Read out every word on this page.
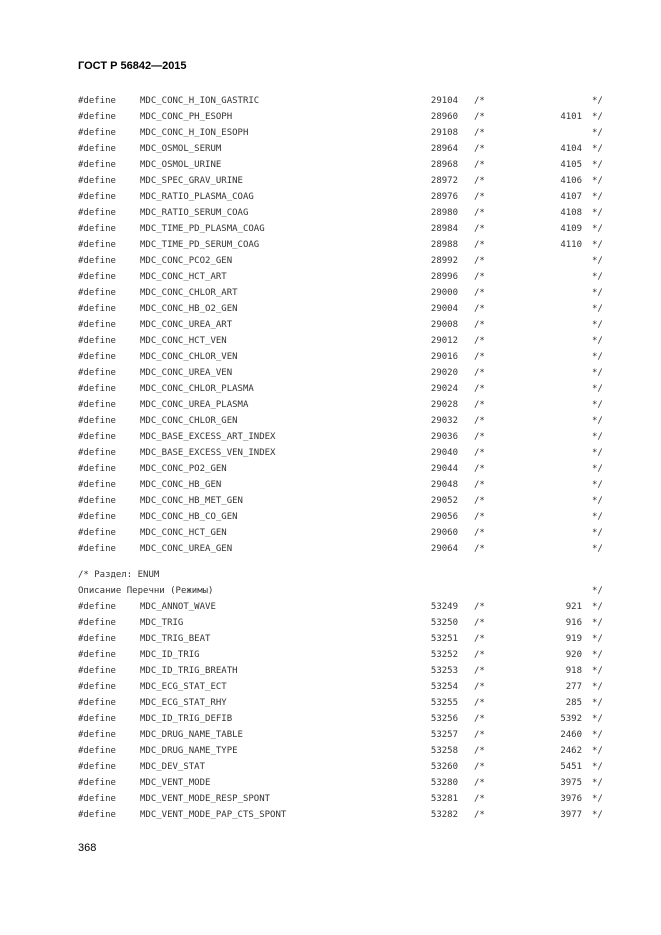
ГОСТ Р 56842—2015
#define	MDC_CONC_H_ION_GASTRIC	29104 /*	*/
#define	MDC_CONC_PH_ESOPH	28960 /*	4101 */
#define	MDC_CONC_H_ION_ESOPH	29108 /*	*/
#define	MDC_OSMOL_SERUM	28964 /*	4104 */
#define	MDC_OSMOL_URINE	28968 /*	4105 */
#define	MDC_SPEC_GRAV_URINE	28972 /*	4106 */
#define	MDC_RATIO_PLASMA_COAG	28976 /*	4107 */
#define	MDC_RATIO_SERUM_COAG	28980 /*	4108 */
#define	MDC_TIME_PD_PLASMA_COAG	28984 /*	4109 */
#define	MDC_TIME_PD_SERUM_COAG	28988 /*	4110 */
#define	MDC_CONC_PCO2_GEN	28992 /*	*/
#define	MDC_CONC_HCT_ART	28996 /*	*/
#define	MDC_CONC_CHLOR_ART	29000 /*	*/
#define	MDC_CONC_HB_O2_GEN	29004 /*	*/
#define	MDC_CONC_UREA_ART	29008 /*	*/
#define	MDC_CONC_HCT_VEN	29012 /*	*/
#define	MDC_CONC_CHLOR_VEN	29016 /*	*/
#define	MDC_CONC_UREA_VEN	29020 /*	*/
#define	MDC_CONC_CHLOR_PLASMA	29024 /*	*/
#define	MDC_CONC_UREA_PLASMA	29028 /*	*/
#define	MDC_CONC_CHLOR_GEN	29032 /*	*/
#define	MDC_BASE_EXCESS_ART_INDEX	29036 /*	*/
#define	MDC_BASE_EXCESS_VEN_INDEX	29040 /*	*/
#define	MDC_CONC_PO2_GEN	29044 /*	*/
#define	MDC_CONC_HB_GEN	29048 /*	*/
#define	MDC_CONC_HB_MET_GEN	29052 /*	*/
#define	MDC_CONC_HB_CO_GEN	29056 /*	*/
#define	MDC_CONC_HCT_GEN	29060 /*	*/
#define	MDC_CONC_UREA_GEN	29064 /*	*/

/* Раздел: ENUM

Описание Перечни (Режимы)

	*/

#define	MDC_ANNOT_WAVE	53249 /*	921 */
#define	MDC_TRIG	53250 /*	916 */
#define	MDC_TRIG_BEAT	53251 /*	919 */
#define	MDC_ID_TRIG	53252 /*	920 */
#define	MDC_ID_TRIG_BREATH	53253 /*	918 */
#define	MDC_ECG_STAT_ECT	53254 /*	277 */
#define	MDC_ECG_STAT_RHY	53255 /*	285 */
#define	MDC_ID_TRIG_DEFIB	53256 /*	5392 */
#define	MDC_DRUG_NAME_TABLE	53257 /*	2460 */
#define	MDC_DRUG_NAME_TYPE	53258 /*	2462 */
#define	MDC_DEV_STAT	53260 /*	5451 */
#define	MDC_VENT_MODE	53280 /*	3975 */
#define	MDC_VENT_MODE_RESP_SPONT	53281 /*	3976 */
#define	MDC_VENT_MODE_PAP_CTS_SPONT	53282 /*	3977 */
368
